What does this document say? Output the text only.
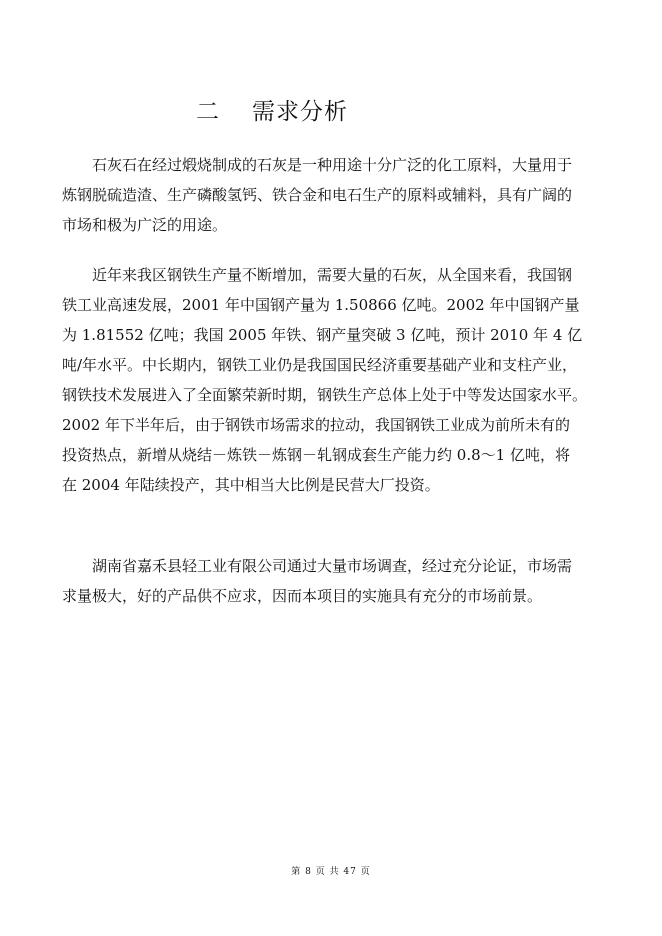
二 需求分析

石灰石在经过煅烧制成的石灰是一种用途十分广泛的化工原料，大量用于
炼钢脱硫造渣、生产磷酸氢钙、铁合金和电石生产的原料或辅料，具有广阔的
市场和极为广泛的用途。

近年来我区钢铁生产量不断增加，需要大量的石灰，从全国来看，我国钢
铁工业高速发展，2001 年中国钢产量为 1.50866 亿吨。2002 年中国钢产量
为 1.81552 亿吨；我国 2005 年铁、钢产量突破 3 亿吨，预计 2010 年 4 亿
吨/年水平。中长期内，钢铁工业仍是我国国民经济重要基础产业和支柱产业，
钢铁技术发展进入了全面繁荣新时期，钢铁生产总体上处于中等发达国家水平。
2002 年下半年后，由于钢铁市场需求的拉动，我国钢铁工业成为前所未有的
投资热点，新增从烧结－炼铁－炼钢－轧钢成套生产能力约 0.8～1 亿吨，将
在 2004 年陆续投产，其中相当大比例是民营大厂投资。

湖南省嘉禾县轻工业有限公司通过大量市场调查，经过充分论证，市场需
求量极大，好的产品供不应求，因而本项目的实施具有充分的市场前景。

第 8 页 共 47 页
